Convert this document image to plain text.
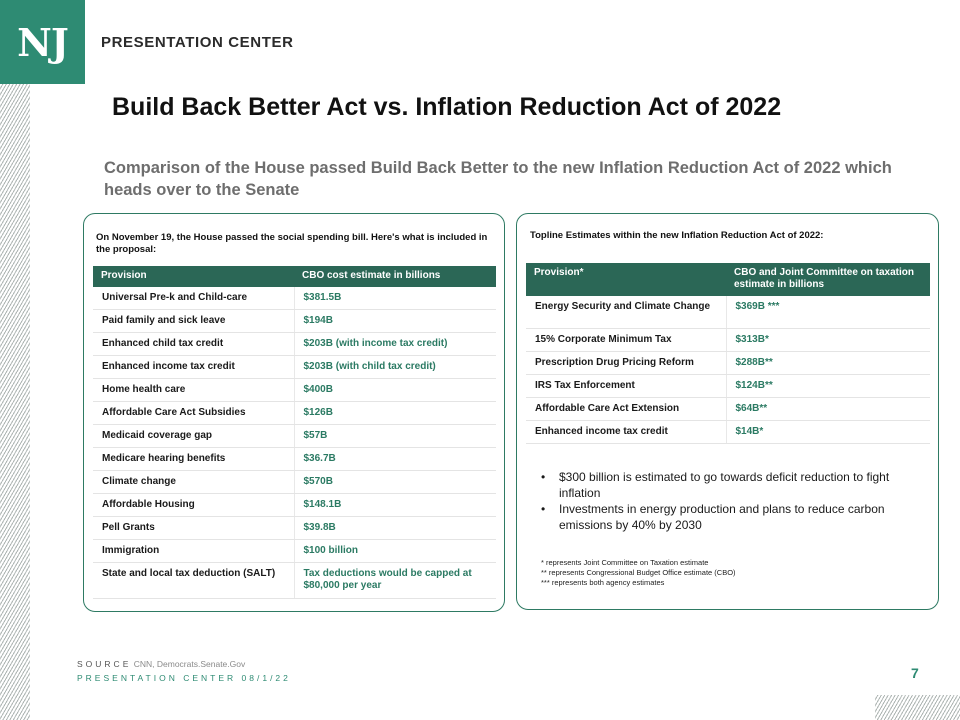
NJ PRESENTATION CENTER
Build Back Better Act vs. Inflation Reduction Act of 2022
Comparison of the House passed Build Back Better to the new Inflation Reduction Act of 2022 which heads over to the Senate
On November 19, the House passed the social spending bill. Here's what is included in the proposal:
Provision	CBO cost estimate in billions
Universal Pre-k and Child-care	$381.5B
Paid family and sick leave	$194B
Enhanced child tax credit	$203B (with income tax credit)
Enhanced income tax credit	$203B (with child tax credit)
Home health care	$400B
Affordable Care Act Subsidies	$126B
Medicaid coverage gap	$57B
Medicare hearing benefits	$36.7B
Climate change	$570B
Affordable Housing	$148.1B
Pell Grants	$39.8B
Immigration	$100 billion
State and local tax deduction (SALT)	Tax deductions would be capped at $80,000 per year
Topline Estimates within the new Inflation Reduction Act of 2022:
Provision*	CBO and Joint Committee on taxation estimate in billions
Energy Security and Climate Change	$369B ***
15% Corporate Minimum Tax	$313B*
Prescription Drug Pricing Reform	$288B**
IRS Tax Enforcement	$124B**
Affordable Care Act Extension	$64B**
Enhanced income tax credit	$14B*
• $300 billion is estimated to go towards deficit reduction to fight inflation
• Investments in energy production and plans to reduce carbon emissions by 40% by 2030
* represents Joint Committee on Taxation estimate
** represents Congressional Budget Office estimate (CBO)
*** represents both agency estimates
SOURCE CNN, Democrats.Senate.Gov
PRESENTATION CENTER 08/1/22	7
